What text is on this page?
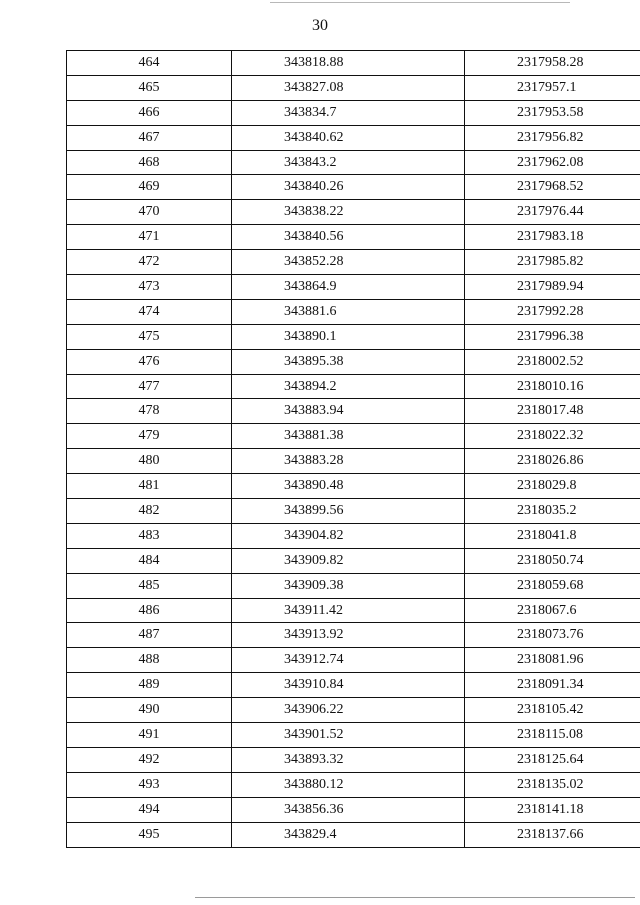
30
464	343818.88	2317958.28
465	343827.08	2317957.1
466	343834.7	2317953.58
467	343840.62	2317956.82
468	343843.2	2317962.08
469	343840.26	2317968.52
470	343838.22	2317976.44
471	343840.56	2317983.18
472	343852.28	2317985.82
473	343864.9	2317989.94
474	343881.6	2317992.28
475	343890.1	2317996.38
476	343895.38	2318002.52
477	343894.2	2318010.16
478	343883.94	2318017.48
479	343881.38	2318022.32
480	343883.28	2318026.86
481	343890.48	2318029.8
482	343899.56	2318035.2
483	343904.82	2318041.8
484	343909.82	2318050.74
485	343909.38	2318059.68
486	343911.42	2318067.6
487	343913.92	2318073.76
488	343912.74	2318081.96
489	343910.84	2318091.34
490	343906.22	2318105.42
491	343901.52	2318115.08
492	343893.32	2318125.64
493	343880.12	2318135.02
494	343856.36	2318141.18
495	343829.4	2318137.66
